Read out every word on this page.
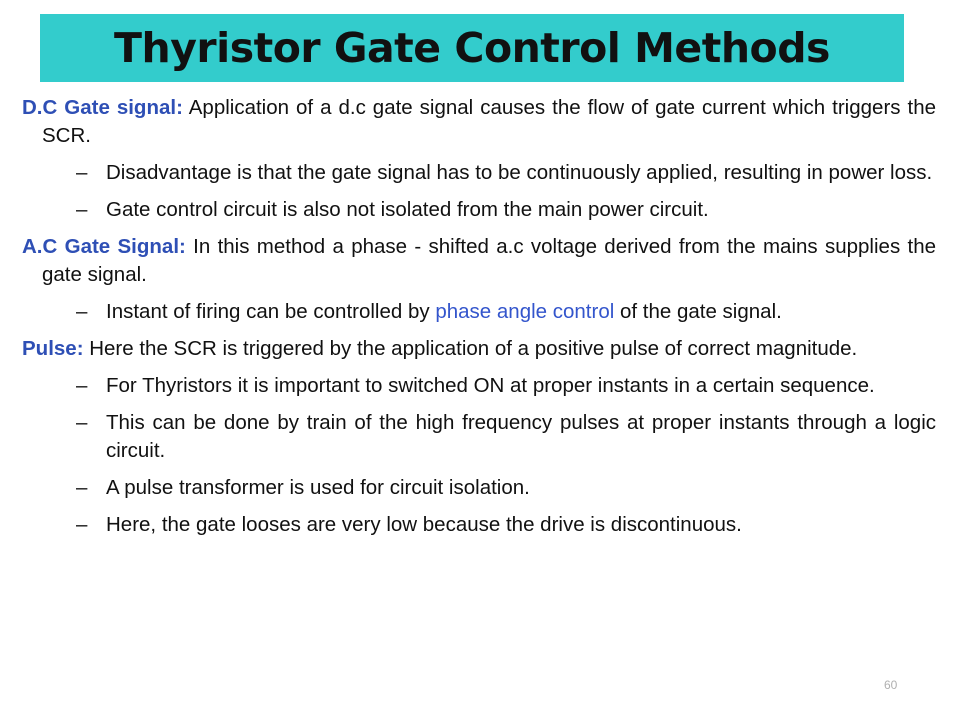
Thyristor Gate Control Methods

D.C Gate signal: Application of a d.c gate signal causes the flow of gate current which triggers the SCR.

– Disadvantage is that the gate signal has to be continuously applied, resulting in power loss.

– Gate control circuit is also not isolated from the main power circuit.

A.C Gate Signal: In this method a phase - shifted a.c voltage derived from the mains supplies the gate signal.

– Instant of firing can be controlled by phase angle control of the gate signal.

Pulse: Here the SCR is triggered by the application of a positive pulse of correct magnitude.

– For Thyristors it is important to switched ON at proper instants in a certain sequence.

– This can be done by train of the high frequency pulses at proper instants through a logic circuit.

– A pulse transformer is used for circuit isolation.

– Here, the gate looses are very low because the drive is discontinuous.

60
